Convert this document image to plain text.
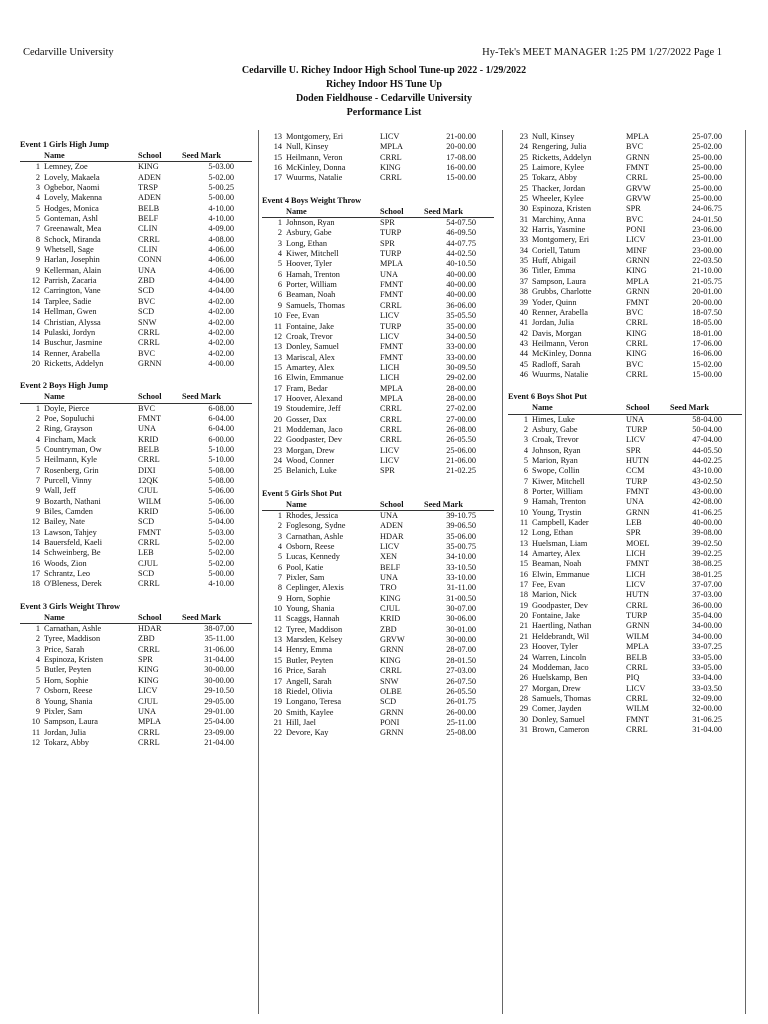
Cedarville University	Hy-Tek's MEET MANAGER 1:25 PM 1/27/2022 Page 1
Cedarville U. Richey Indoor High School Tune-up 2022 - 1/29/2022
Richey Indoor HS Tune Up
Doden Fieldhouse - Cedarville University
Performance List
Event 1 Girls High Jump
Name	School	Seed Mark
1 Lemney, Zoe	KING	5-03.00
2 Lovely, Makaela	ADEN	5-02.00
3 Ogbebor, Naomi	TRSP	5-00.25
4 Lovely, Makenna	ADEN	5-00.00
5 Hodges, Monica	BELB	4-10.00
5 Gonteman, Ashl	BELF	4-10.00
7 Greenawalt, Mea	CLIN	4-09.00
8 Schock, Miranda	CRRL	4-08.00
9 Whetsell, Sage	CLIN	4-06.00
9 Harlan, Josephin	CONN	4-06.00
9 Kellerman, Alain	UNA	4-06.00
12 Parrish, Zacaria	ZBD	4-04.00
12 Carrington, Vane	SCD	4-04.00
14 Tarplee, Sadie	BVC	4-02.00
14 Hellman, Gwen	SCD	4-02.00
14 Christian, Alyssa	SNW	4-02.00
14 Pulaski, Jordyn	CRRL	4-02.00
14 Buschur, Jasmine	CRRL	4-02.00
14 Renner, Arabella	BVC	4-02.00
20 Ricketts, Addelyn	GRNN	4-00.00
Event 2 Boys High Jump
Name	School	Seed Mark
1 Doyle, Pierce	BVC	6-08.00
2 Poe, Sopuluchi	FMNT	6-04.00
2 Ring, Grayson	UNA	6-04.00
4 Fincham, Mack	KRID	6-00.00
5 Countryman, Ow	BELB	5-10.00
5 Heilmann, Kyle	CRRL	5-10.00
7 Rosenberg, Grin	DIXI	5-08.00
7 Purcell, Vinny	12QK	5-08.00
9 Wall, Jeff	CJUL	5-06.00
9 Bozarth, Nathani	WILM	5-06.00
9 Biles, Camden	KRID	5-06.00
12 Bailey, Nate	SCD	5-04.00
13 Lawson, Tahjey	FMNT	5-03.00
14 Bauersfeld, Kaeli	CRRL	5-02.00
14 Schweinberg, Be	LEB	5-02.00
16 Woods, Zion	CJUL	5-02.00
17 Schrantz, Leo	SCD	5-00.00
18 O'Bleness, Derek	CRRL	4-10.00
Event 3 Girls Weight Throw
Name	School	Seed Mark
1 Carnathan, Ashle	HDAR	38-07.00
2 Tyree, Maddison	ZBD	35-11.00
3 Price, Sarah	CRRL	31-06.00
4 Espinoza, Kristen	SPR	31-04.00
5 Butler, Peyten	KING	30-00.00
5 Horn, Sophie	KING	30-00.00
7 Osborn, Reese	LICV	29-10.50
8 Young, Shania	CJUL	29-05.00
9 Pixler, Sam	UNA	29-01.00
10 Sampson, Laura	MPLA	25-04.00
11 Jordan, Julia	CRRL	23-09.00
12 Tokarz, Abby	CRRL	21-04.00
13 Montgomery, Eri	LICV	21-00.00
14 Null, Kinsey	MPLA	20-00.00
15 Heilmann, Veron	CRRL	17-08.00
16 McKinley, Donna	KING	16-00.00
17 Wuurms, Natalie	CRRL	15-00.00
Event 4 Boys Weight Throw
Name	School	Seed Mark
1 Johnson, Ryan	SPR	54-07.50
2 Asbury, Gabe	TURP	46-09.50
3 Long, Ethan	SPR	44-07.75
4 Kiwer, Mitchell	TURP	44-02.50
5 Hoover, Tyler	MPLA	40-10.50
6 Hamah, Trenton	UNA	40-00.00
6 Porter, William	FMNT	40-00.00
6 Beaman, Noah	FMNT	40-00.00
9 Samuels, Thomas	CRRL	36-06.00
10 Fee, Evan	LICV	35-05.50
11 Fontaine, Jake	TURP	35-00.00
12 Croak, Trevor	LICV	34-00.50
13 Donley, Samuel	FMNT	33-00.00
13 Mariscal, Alex	FMNT	33-00.00
15 Amartey, Alex	LICH	30-09.50
16 Elwin, Emmanue	LICH	29-02.00
17 Fram, Bedar	MPLA	28-00.00
17 Hoover, Alexand	MPLA	28-00.00
19 Stoudemire, Jeff	CRRL	27-02.00
20 Gosser, Dax	CRRL	27-00.00
21 Moddeman, Jaco	CRRL	26-08.00
22 Goodpaster, Dev	CRRL	26-05.50
23 Morgan, Drew	LICV	25-06.00
24 Wood, Conner	LICV	21-06.00
25 Belanich, Luke	SPR	21-02.25
Event 5 Girls Shot Put
Name	School	Seed Mark
1 Rhodes, Jessica	UNA	39-10.75
2 Foglesong, Sydne	ADEN	39-06.50
3 Carnathan, Ashle	HDAR	35-06.00
4 Osborn, Reese	LICV	35-00.75
5 Lucas, Kennedy	XEN	34-10.00
6 Pool, Katie	BELF	33-10.50
7 Pixler, Sam	UNA	33-10.00
8 Ceplinger, Alexis	TRO	31-11.00
9 Horn, Sophie	KING	31-00.50
10 Young, Shania	CJUL	30-07.00
11 Scaggs, Hannah	KRID	30-06.00
12 Tyree, Maddison	ZBD	30-01.00
13 Marsden, Kelsey	GRVW	30-00.00
14 Henry, Emma	GRNN	28-07.00
15 Butler, Peyten	KING	28-01.50
16 Price, Sarah	CRRL	27-03.00
17 Angell, Sarah	SNW	26-07.50
18 Riedel, Olivia	OLBE	26-05.50
19 Longano, Teresa	SCD	26-01.75
20 Smith, Kaylee	GRNN	26-00.00
21 Hill, Jael	PONI	25-11.00
22 Devore, Kay	GRNN	25-08.00
23 Null, Kinsey	MPLA	25-07.00
24 Rengering, Julia	BVC	25-02.00
25 Ricketts, Addelyn	GRNN	25-00.00
25 Laimore, Kylee	FMNT	25-00.00
25 Tokarz, Abby	CRRL	25-00.00
25 Thacker, Jordan	GRVW	25-00.00
25 Wheeler, Kylee	GRVW	25-00.00
30 Espinoza, Kristen	SPR	24-06.75
31 Marchiny, Anna	BVC	24-01.50
32 Harris, Yasmine	PONI	23-06.00
33 Montgomery, Eri	LICV	23-01.00
34 Coriell, Tatum	MINF	23-00.00
35 Huff, Abigail	GRNN	22-03.50
36 Titler, Emma	KING	21-10.00
37 Sampson, Laura	MPLA	21-05.75
38 Grubbs, Charlotte	GRNN	20-01.00
39 Yoder, Quinn	FMNT	20-00.00
40 Renner, Arabella	BVC	18-07.50
41 Jordan, Julia	CRRL	18-05.00
42 Davis, Morgan	KING	18-01.00
43 Heilmann, Veron	CRRL	17-06.00
44 McKinley, Donna	KING	16-06.00
45 Radloff, Sarah	BVC	15-02.00
46 Wuurms, Natalie	CRRL	15-00.00
Event 6 Boys Shot Put
Name	School	Seed Mark
1 Himes, Luke	UNA	58-04.00
2 Asbury, Gabe	TURP	50-04.00
3 Croak, Trevor	LICV	47-04.00
4 Johnson, Ryan	SPR	44-05.50
5 Marion, Ryan	HUTN	44-02.25
6 Swope, Collin	CCM	43-10.00
7 Kiwer, Mitchell	TURP	43-02.50
8 Porter, William	FMNT	43-00.00
9 Hamah, Trenton	UNA	42-08.00
10 Young, Trystin	GRNN	41-06.25
11 Campbell, Kader	LEB	40-00.00
12 Long, Ethan	SPR	39-08.00
13 Huelsman, Liam	MOEL	39-02.50
14 Amartey, Alex	LICH	39-02.25
15 Beaman, Noah	FMNT	38-08.25
16 Elwin, Emmanue	LICH	38-01.25
17 Fee, Evan	LICV	37-07.00
18 Marion, Nick	HUTN	37-03.00
19 Goodpaster, Dev	CRRL	36-00.00
20 Fontaine, Jake	TURP	35-04.00
21 Haertling, Nathan	GRNN	34-00.00
21 Heldebrandt, Wil	WILM	34-00.00
23 Hoover, Tyler	MPLA	33-07.25
24 Warren, Lincoln	BELB	33-05.00
24 Moddeman, Jaco	CRRL	33-05.00
26 Huelskamp, Ben	PIQ	33-04.00
27 Morgan, Drew	LICV	33-03.50
28 Samuels, Thomas	CRRL	32-09.00
29 Comer, Jayden	WILM	32-00.00
30 Donley, Samuel	FMNT	31-06.25
31 Brown, Cameron	CRRL	31-04.00
